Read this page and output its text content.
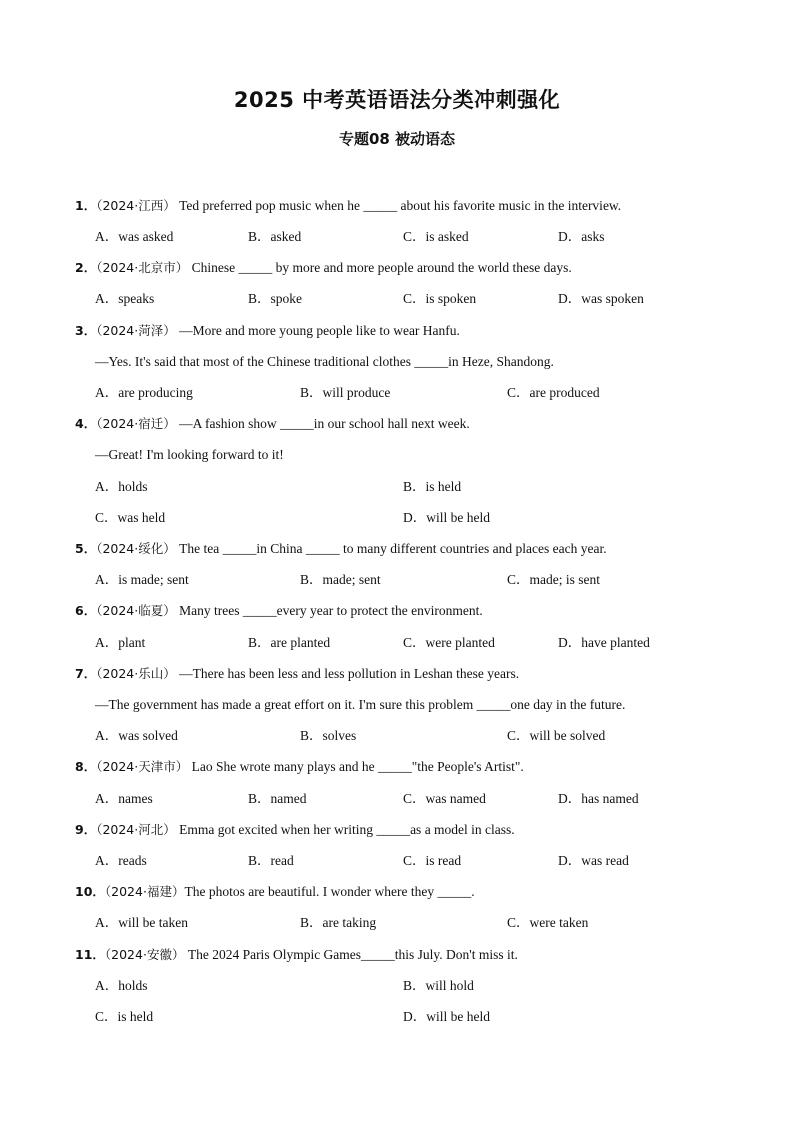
2025 中考英语语法分类冲刺强化
专题08 被动语态
1．（2024·江西） Ted preferred pop music when he _____ about his favorite music in the interview.
A．was asked	B．asked	C．is asked	D．asks
2．（2024·北京市） Chinese _____ by more and more people around the world these days.
A．speaks	B．spoke	C．is spoken	D．was spoken
3．（2024·菏泽） —More and more young people like to wear Hanfu.
—Yes. It's said that most of the Chinese traditional clothes _____in Heze, Shandong.
A．are producing	B．will produce	C．are produced
4．（2024·宿迁） —A fashion show _____in our school hall next week.
—Great! I'm looking forward to it!
A．holds	B．is held
C．was held	D．will be held
5．（2024·绥化） The tea _____in China _____ to many different countries and places each year.
A．is made; sent	B．made; sent	C．made; is sent
6．（2024·临夏） Many trees _____every year to protect the environment.
A．plant	B．are planted	C．were planted	D．have planted
7．（2024·乐山） —There has been less and less pollution in Leshan these years.
—The government has made a great effort on it. I'm sure this problem _____one day in the future.
A．was solved	B．solves	C．will be solved
8．（2024·天津市） Lao She wrote many plays and he _____"the People's Artist".
A．names	B．named	C．was named	D．has named
9．（2024·河北） Emma got excited when her writing _____as a model in class.
A．reads	B．read	C．is read	D．was read
10．（2024·福建）The photos are beautiful. I wonder where they _____.
A．will be taken	B．are taking	C．were taken
11．（2024·安徽） The 2024 Paris Olympic Games_____this July. Don't miss it.
A．holds	B．will hold
C．is held	D．will be held
